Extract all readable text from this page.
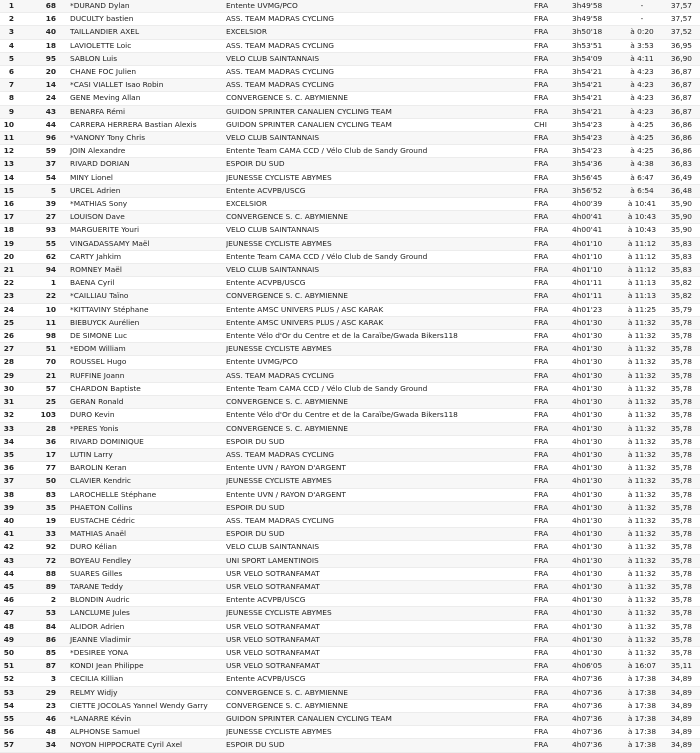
1	68	*DURAND Dylan	Entente UVMG/PCO	FRA	3h49'58	-	37,57
2	16	DUCULTY bastien	ASS. TEAM MADRAS CYCLING	FRA	3h49'58	-	37,57
3	40	TAILLANDIER AXEL	EXCELSIOR	FRA	3h50'18	à 0:20	37,52
4	18	LAVIOLETTE Loic	ASS. TEAM MADRAS CYCLING	FRA	3h53'51	à 3:53	36,95
5	95	SABLON Luis	VELO CLUB SAINTANNAIS	FRA	3h54'09	à 4:11	36,90
6	20	CHANE FOC Julien	ASS. TEAM MADRAS CYCLING	FRA	3h54'21	à 4:23	36,87
7	14	*CASI VIALLET Isao Robin	ASS. TEAM MADRAS CYCLING	FRA	3h54'21	à 4:23	36,87
8	24	GENE Meving Allan	CONVERGENCE S. C. ABYMIENNE	FRA	3h54'21	à 4:23	36,87
9	43	BENARFA Rémi	GUIDON SPRINTER CANALIEN CYCLING TEAM	FRA	3h54'21	à 4:23	36,87
10	44	CARRERA HERRERA Bastian Alexis	GUIDON SPRINTER CANALIEN CYCLING TEAM	CHI	3h54'23	à 4:25	36,86
11	96	*VANONY Tony Chris	VELO CLUB SAINTANNAIS	FRA	3h54'23	à 4:25	36,86
12	59	JOIN Alexandre	Entente Team CAMA CCD / Vélo Club de Sandy Ground	FRA	3h54'23	à 4:25	36,86
13	37	RIVARD DORIAN	ESPOIR DU SUD	FRA	3h54'36	à 4:38	36,83
14	54	MINY Lionel	JEUNESSE CYCLISTE ABYMES	FRA	3h56'45	à 6:47	36,49
15	5	URCEL Adrien	Entente ACVPB/USCG	FRA	3h56'52	à 6:54	36,48
16	39	*MATHIAS Sony	EXCELSIOR	FRA	4h00'39	à 10:41	35,90
17	27	LOUISON Dave	CONVERGENCE S. C. ABYMIENNE	FRA	4h00'41	à 10:43	35,90
18	93	MARGUERITE Youri	VELO CLUB SAINTANNAIS	FRA	4h00'41	à 10:43	35,90
19	55	VINGADASSAMY Maël	JEUNESSE CYCLISTE ABYMES	FRA	4h01'10	à 11:12	35,83
20	62	CARTY Jahkim	Entente Team CAMA CCD / Vélo Club de Sandy Ground	FRA	4h01'10	à 11:12	35,83
21	94	ROMNEY Maël	VELO CLUB SAINTANNAIS	FRA	4h01'10	à 11:12	35,83
22	1	BAENA Cyril	Entente ACVPB/USCG	FRA	4h01'11	à 11:13	35,82
23	22	*CAILLIAU Taïno	CONVERGENCE S. C. ABYMIENNE	FRA	4h01'11	à 11:13	35,82
24	10	*KITTAVINY Stéphane	Entente AMSC UNIVERS PLUS / ASC KARAK	FRA	4h01'23	à 11:25	35,79
25	11	BIEBUYCK Aurélien	Entente AMSC UNIVERS PLUS / ASC KARAK	FRA	4h01'30	à 11:32	35,78
26	98	DE SIMONE Luc	Entente Vélo d'Or du Centre et de la Caraïbe/Gwada Bikers118	FRA	4h01'30	à 11:32	35,78
27	51	*EDOM William	JEUNESSE CYCLISTE ABYMES	FRA	4h01'30	à 11:32	35,78
28	70	ROUSSEL Hugo	Entente UVMG/PCO	FRA	4h01'30	à 11:32	35,78
29	21	RUFFINE Joann	ASS. TEAM MADRAS CYCLING	FRA	4h01'30	à 11:32	35,78
30	57	CHARDON Baptiste	Entente Team CAMA CCD / Vélo Club de Sandy Ground	FRA	4h01'30	à 11:32	35,78
31	25	GERAN Ronald	CONVERGENCE S. C. ABYMIENNE	FRA	4h01'30	à 11:32	35,78
32	103	DURO Kevin	Entente Vélo d'Or du Centre et de la Caraïbe/Gwada Bikers118	FRA	4h01'30	à 11:32	35,78
33	28	*PERES Yonis	CONVERGENCE S. C. ABYMIENNE	FRA	4h01'30	à 11:32	35,78
34	36	RIVARD DOMINIQUE	ESPOIR DU SUD	FRA	4h01'30	à 11:32	35,78
35	17	LUTIN Larry	ASS. TEAM MADRAS CYCLING	FRA	4h01'30	à 11:32	35,78
36	77	BAROLIN Keran	Entente UVN / RAYON D'ARGENT	FRA	4h01'30	à 11:32	35,78
37	50	CLAVIER Kendric	JEUNESSE CYCLISTE ABYMES	FRA	4h01'30	à 11:32	35,78
38	83	LAROCHELLE Stéphane	Entente UVN / RAYON D'ARGENT	FRA	4h01'30	à 11:32	35,78
39	35	PHAETON Collins	ESPOIR DU SUD	FRA	4h01'30	à 11:32	35,78
40	19	EUSTACHE Cédric	ASS. TEAM MADRAS CYCLING	FRA	4h01'30	à 11:32	35,78
41	33	MATHIAS Anaël	ESPOIR DU SUD	FRA	4h01'30	à 11:32	35,78
42	92	DURO Kélian	VELO CLUB SAINTANNAIS	FRA	4h01'30	à 11:32	35,78
43	72	BOYEAU Fendley	UNI SPORT LAMENTINOIS	FRA	4h01'30	à 11:32	35,78
44	88	SUARES Gilles	USR VELO SOTRANFAMAT	FRA	4h01'30	à 11:32	35,78
45	89	TARANE Teddy	USR VELO SOTRANFAMAT	FRA	4h01'30	à 11:32	35,78
46	2	BLONDIN Audric	Entente ACVPB/USCG	FRA	4h01'30	à 11:32	35,78
47	53	LANCLUME Jules	JEUNESSE CYCLISTE ABYMES	FRA	4h01'30	à 11:32	35,78
48	84	ALIDOR Adrien	USR VELO SOTRANFAMAT	FRA	4h01'30	à 11:32	35,78
49	86	JEANNE Vladimir	USR VELO SOTRANFAMAT	FRA	4h01'30	à 11:32	35,78
50	85	*DESIREE YONA	USR VELO SOTRANFAMAT	FRA	4h01'30	à 11:32	35,78
51	87	KONDI Jean Philippe	USR VELO SOTRANFAMAT	FRA	4h06'05	à 16:07	35,11
52	3	CECILIA Killian	Entente ACVPB/USCG	FRA	4h07'36	à 17:38	34,89
53	29	RELMY Widjy	CONVERGENCE S. C. ABYMIENNE	FRA	4h07'36	à 17:38	34,89
54	23	CIETTE JOCOLAS Yannel Wendy Garry	CONVERGENCE S. C. ABYMIENNE	FRA	4h07'36	à 17:38	34,89
55	46	*LANARRE Kévin	GUIDON SPRINTER CANALIEN CYCLING TEAM	FRA	4h07'36	à 17:38	34,89
56	48	ALPHONSE Samuel	JEUNESSE CYCLISTE ABYMES	FRA	4h07'36	à 17:38	34,89
57	34	NOYON HIPPOCRATE Cyril Axel	ESPOIR DU SUD	FRA	4h07'36	à 17:38	34,89
